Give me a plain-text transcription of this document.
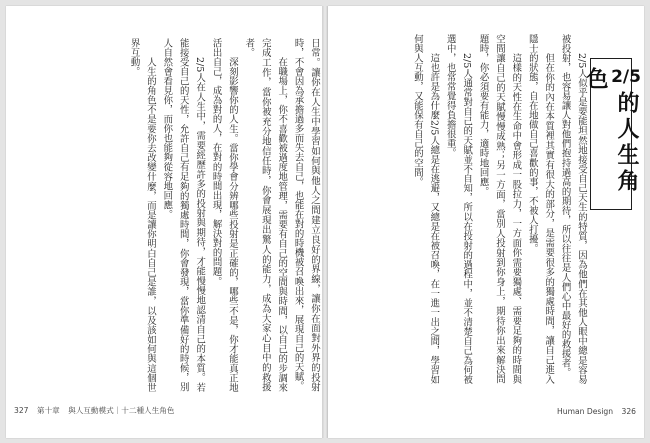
日常。讓你在人生中學習如何與他人之間建立良好的界線，讓你在面對外界的投射時，不會因為承擔過多而失去自己，也能在對的時機被召喚出來，展現自己的天賦。

在職場上，你不喜歡被過度地管理，需要有自己的空間與時間，以自己的步調來完成工作，當你被充分地信任時，你會展現出驚人的能力，成為大家心目中的救援者。

深刻影響你的人生。當你學會分辨哪些投射是正確的，哪些不是，你才能真正地活出自己，成為對的人，在對的時間出現，解決對的問題。

2/5人在人生中，需要經歷許多的投射與期待，才能慢慢地認清自己的本質。若能接受自己的天性，允許自己有足夠的獨處時間，你會發現，當你準備好的時候，別人自然會看見你，而你也能夠從容地回應。

人生的角色不是要你去改變什麼，而是讓你明白自己是誰，以及該如何與這個世界互動。

327 第十章 與人互動模式｜十二種人生角色
2/5的人生角色

2/5人似乎是要能坦然地接受自己天生的特質，因為他們在其他人眼中總是容易被投射，也容易讓人對他們抱持過高的期待，所以往往是人們心中最好的救援者。

但在你的內在本質裡其實有很大的部分，是需要很多的獨處時間，讓自己進入隱士的狀態，自在地做自己喜歡的事，不被人打擾。

這樣的天性在生命中會形成一股拉力，一方面你需要獨處、需要足夠的時間與空間讓自己的天賦慢慢成熟；另一方面，當別人投射到你身上，期待你出來解決問題時，你必須要有能力，適時地回應。

2/5人通常對自己的天賦並不自知，所以在投射的過程中，並不清楚自己為何被選中，也常常覺得負擔很重。

這也許是為什麼2/5人總是在逃避，又總是在被召喚，在一進一出之間，學習如何與人互動，又能保有自己的空間。

Human Design 326
